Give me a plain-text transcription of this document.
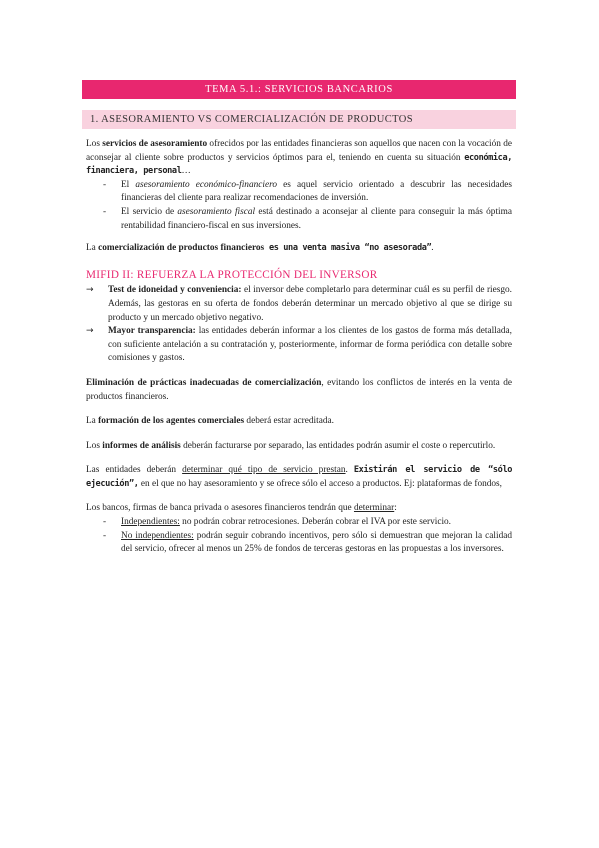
TEMA 5.1.: SERVICIOS BANCARIOS
1. ASESORAMIENTO VS COMERCIALIZACIÓN DE PRODUCTOS

Los servicios de asesoramiento ofrecidos por las entidades financieras son aquellos que nacen con la vocación de aconsejar al cliente sobre productos y servicios óptimos para el, teniendo en cuenta su situación económica, financiera, personal…

- El asesoramiento económico-financiero es aquel servicio orientado a descubrir las necesidades financieras del cliente para realizar recomendaciones de inversión.
- El servicio de asesoramiento fiscal está destinado a aconsejar al cliente para conseguir la más óptima rentabilidad financiero-fiscal en sus inversiones.

La comercialización de productos financieros es una venta masiva “no asesorada”.

MIFID II: REFUERZA LA PROTECCIÓN DEL INVERSOR
→ Test de idoneidad y conveniencia: el inversor debe completarlo para determinar cuál es su perfil de riesgo. Además, las gestoras en su oferta de fondos deberán determinar un mercado objetivo al que se dirige su producto y un mercado objetivo negativo.
→ Mayor transparencia: las entidades deberán informar a los clientes de los gastos de forma más detallada, con suficiente antelación a su contratación y, posteriormente, informar de forma periódica con detalle sobre comisiones y gastos.

Eliminación de prácticas inadecuadas de comercialización, evitando los conflictos de interés en la venta de productos financieros.

La formación de los agentes comerciales deberá estar acreditada.

Los informes de análisis deberán facturarse por separado, las entidades podrán asumir el coste o repercutirlo.

Las entidades deberán determinar qué tipo de servicio prestan. Existirán el servicio de “sólo ejecución”, en el que no hay asesoramiento y se ofrece sólo el acceso a productos. Ej: plataformas de fondos,

Los bancos, firmas de banca privada o asesores financieros tendrán que determinar:

- Independientes: no podrán cobrar retrocesiones. Deberán cobrar el IVA por este servicio.
- No independientes: podrán seguir cobrando incentivos, pero sólo si demuestran que mejoran la calidad del servicio, ofrecer al menos un 25% de fondos de terceras gestoras en las propuestas a los inversores.
